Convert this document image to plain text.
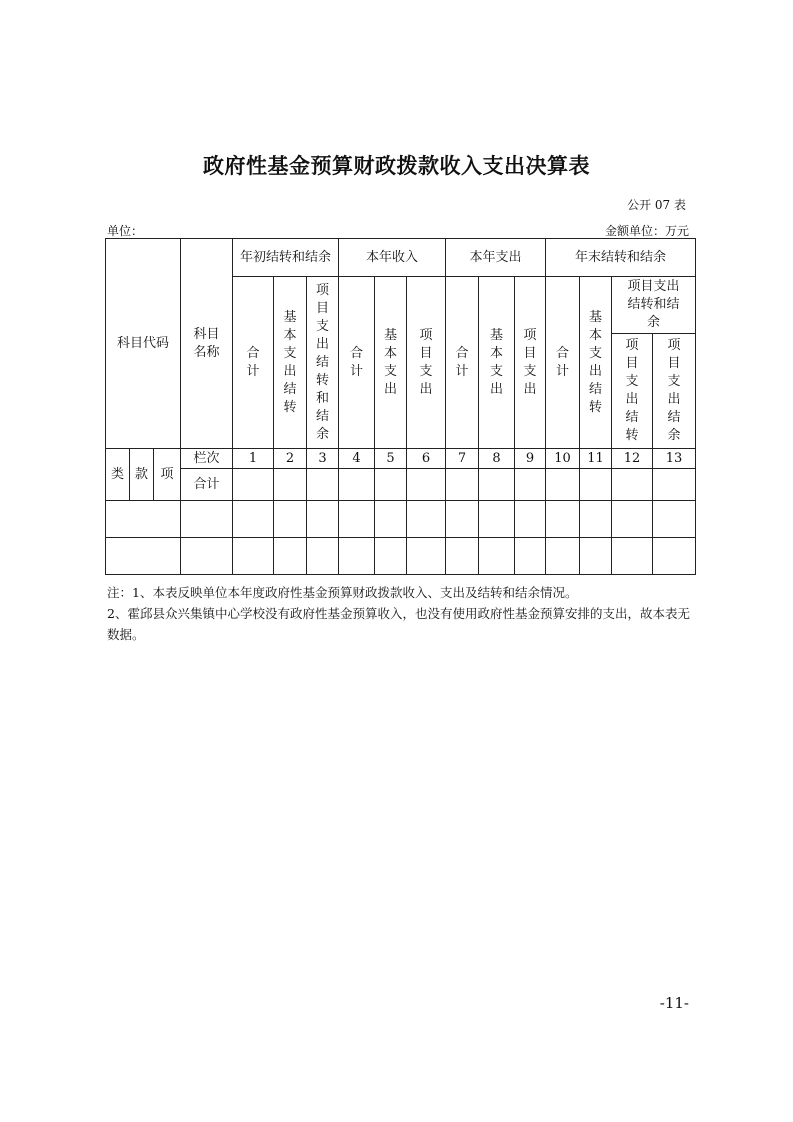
政府性基金预算财政拨款收入支出决算表
公开 07 表
单位：	金额单位：万元
科目代码			科目名称	年初结转和结余			本年收入			本年支出			年末结转和结余			
				合计	基本支出结转	项目支出结转和结余	合计	基本支出	项目支出	合计	基本支出	项目支出	合计	基本支出结转	项目支出结转和结余	

															项目支出结转	项目支出结余
类	款	项	栏次	1	2	3	4	5	6	7	8	9	10	11	12	13
			合计													

注：1、本表反映单位本年度政府性基金预算财政拨款收入、支出及结转和结余情况。

2、霍邱县众兴集镇中心学校没有政府性基金预算收入，也没有使用政府性基金预算安排的支出，故本表无数据。

-11-
